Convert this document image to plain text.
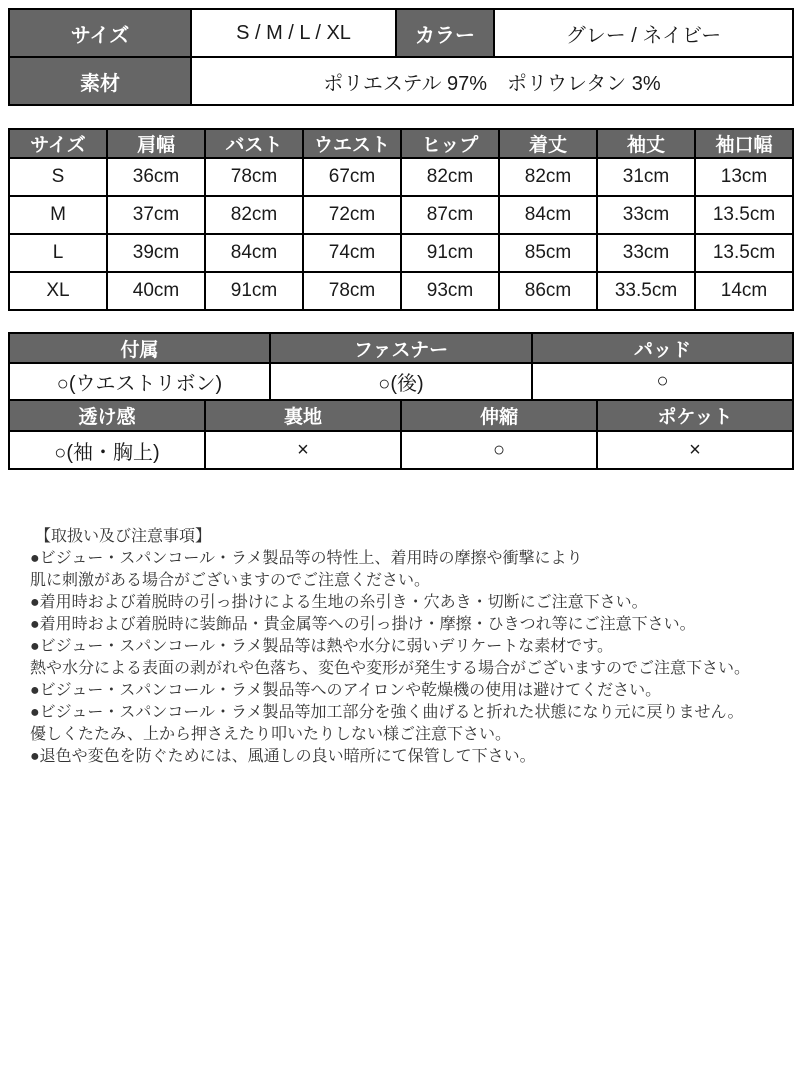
サイズ	S / M / L / XL	カラー	グレー / ネイビー
素材	ポリエステル 97%　ポリウレタン 3%		
サイズ	肩幅	バスト	ウエスト	ヒップ	着丈	袖丈	袖口幅
S	36cm	78cm	67cm	82cm	82cm	31cm	13cm
M	37cm	82cm	72cm	87cm	84cm	33cm	13.5cm
L	39cm	84cm	74cm	91cm	85cm	33cm	13.5cm
XL	40cm	91cm	78cm	93cm	86cm	33.5cm	14cm
付属	ファスナー	パッド
○(ウエストリボン)	○(後)	○
透け感	裏地	伸縮	ポケット
○(袖・胸上)	×	○	×
【取扱い及び注意事項】
●ビジュー・スパンコール・ラメ製品等の特性上、着用時の摩擦や衝撃により
肌に刺激がある場合がございますのでご注意ください。
●着用時および着脱時の引っ掛けによる生地の糸引き・穴あき・切断にご注意下さい。
●着用時および着脱時に装飾品・貴金属等への引っ掛け・摩擦・ひきつれ等にご注意下さい。
●ビジュー・スパンコール・ラメ製品等は熱や水分に弱いデリケートな素材です。
熱や水分による表面の剥がれや色落ち、変色や変形が発生する場合がございますのでご注意下さい。
●ビジュー・スパンコール・ラメ製品等へのアイロンや乾燥機の使用は避けてください。
●ビジュー・スパンコール・ラメ製品等加工部分を強く曲げると折れた状態になり元に戻りません。
優しくたたみ、上から押さえたり叩いたりしない様ご注意下さい。
●退色や変色を防ぐためには、風通しの良い暗所にて保管して下さい。
